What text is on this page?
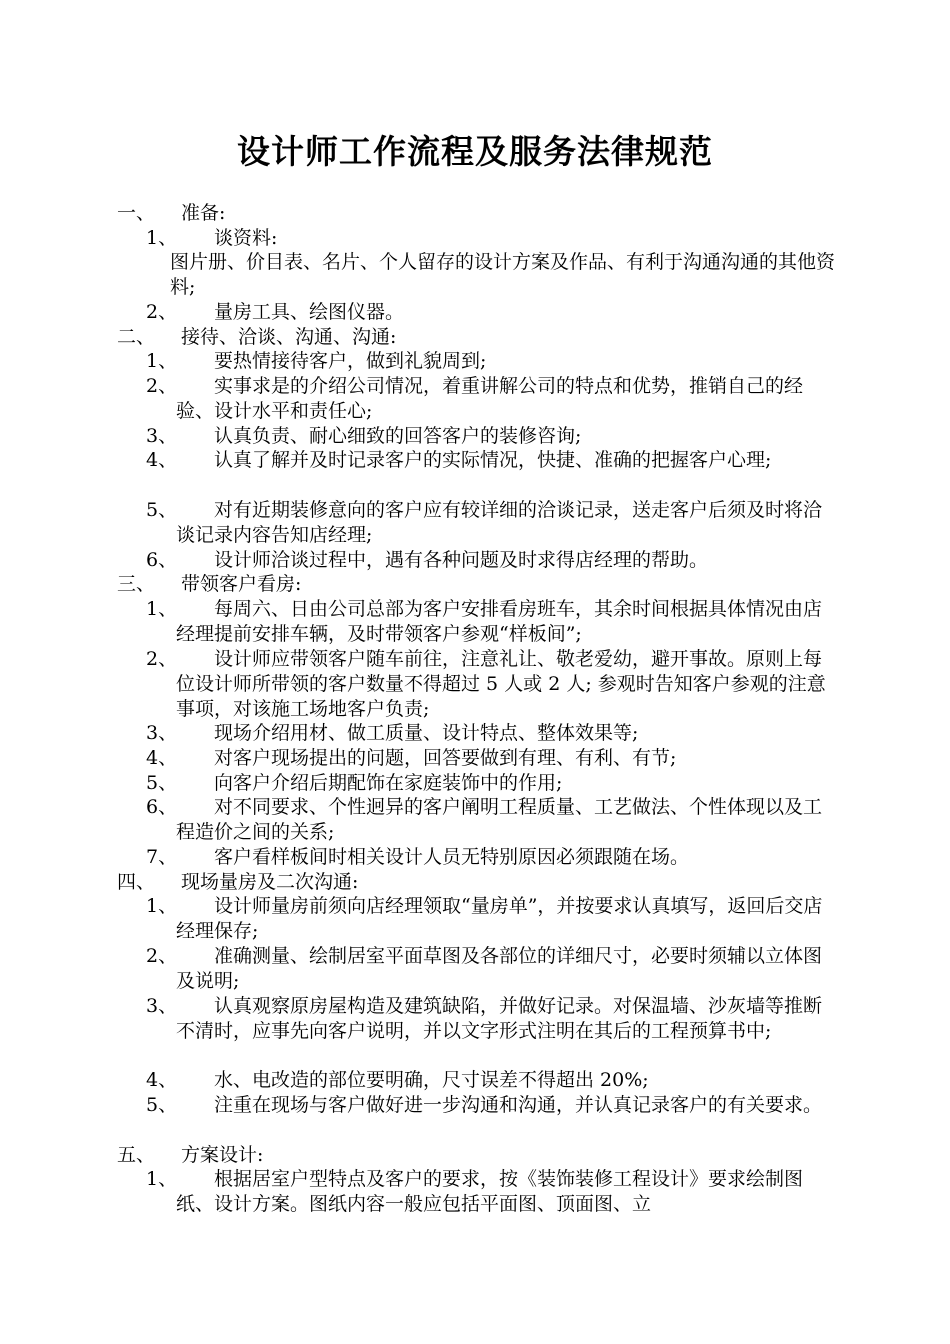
设计师工作流程及服务法律规范
一、 准备:
1、	谈资料:
图片册、价目表、名片、个人留存的设计方案及作品、有利于沟通沟通的其他资料;
2、	量房工具、绘图仪器。
二、 接待、洽谈、沟通、沟通:
1、	要热情接待客户，做到礼貌周到;
2、	实事求是的介绍公司情况，着重讲解公司的特点和优势，推销自己的经验、设计水平和责任心;
3、	认真负责、耐心细致的回答客户的装修咨询;
4、	认真了解并及时记录客户的实际情况，快捷、准确的把握客户心理;
5、	对有近期装修意向的客户应有较详细的洽谈记录，送走客户后须及时将洽谈记录内容告知店经理;
6、	设计师洽谈过程中，遇有各种问题及时求得店经理的帮助。
三、 带领客户看房:
1、	每周六、日由公司总部为客户安排看房班车，其余时间根据具体情况由店经理提前安排车辆，及时带领客户参观“样板间”;
2、	设计师应带领客户随车前往，注意礼让、敬老爱幼，避开事故。原则上每位设计师所带领的客户数量不得超过 5 人或 2 人; 参观时告知客户参观的注意事项，对该施工场地客户负责;
3、	现场介绍用材、做工质量、设计特点、整体效果等;
4、	对客户现场提出的问题，回答要做到有理、有利、有节;
5、	向客户介绍后期配饰在家庭装饰中的作用;
6、	对不同要求、个性迥异的客户阐明工程质量、工艺做法、个性体现以及工程造价之间的关系;
7、	客户看样板间时相关设计人员无特别原因必须跟随在场。
四、 现场量房及二次沟通:
1、	设计师量房前须向店经理领取“量房单”，并按要求认真填写，返回后交店经理保存;
2、	准确测量、绘制居室平面草图及各部位的详细尺寸，必要时须辅以立体图及说明;
3、	认真观察原房屋构造及建筑缺陷，并做好记录。对保温墙、沙灰墙等推断不清时，应事先向客户说明，并以文字形式注明在其后的工程预算书中;
4、	水、电改造的部位要明确，尺寸误差不得超出 20%;
5、	注重在现场与客户做好进一步沟通和沟通，并认真记录客户的有关要求。
五、 方案设计:
1、	根据居室户型特点及客户的要求，按《装饰装修工程设计》要求绘制图纸、设计方案。图纸内容一般应包括平面图、顶面图、立
